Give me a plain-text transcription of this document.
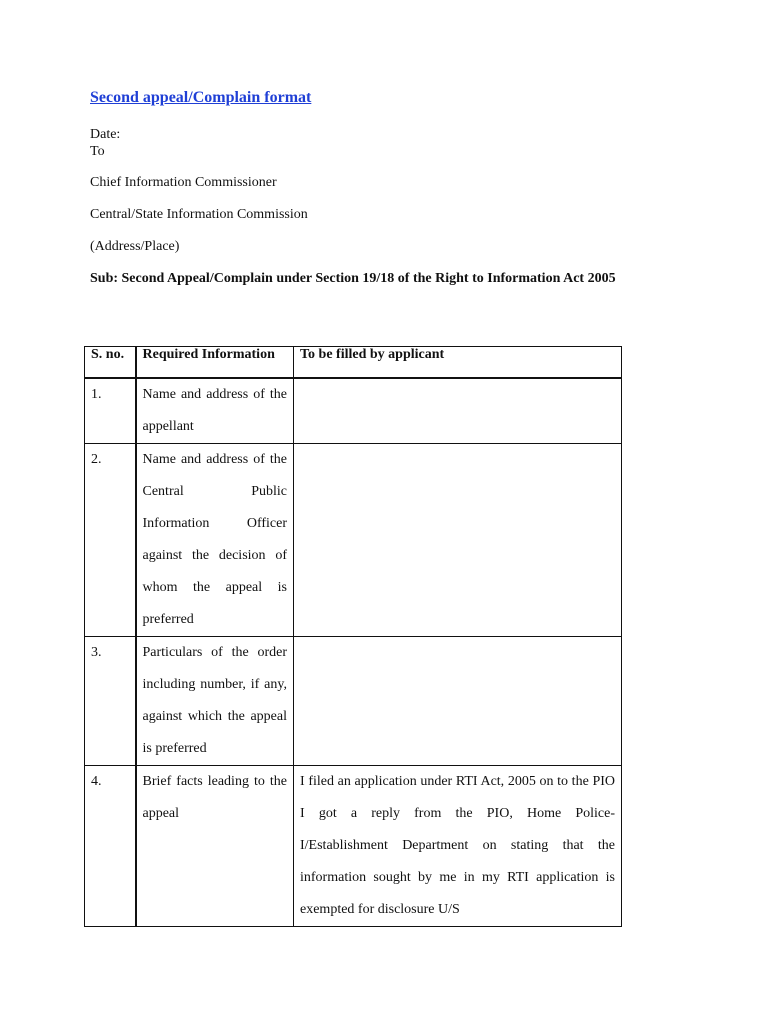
Second appeal/Complain format
Date:
To
Chief Information Commissioner
Central/State Information Commission
(Address/Place)
Sub: Second Appeal/Complain under Section 19/18 of the Right to Information Act 2005
S. no.	Required Information	To be filled by applicant
1.	Name and address of the appellant	
2.	Name and address of the Central Public Information Officer against the decision of whom the appeal is preferred	
3.	Particulars of the order including number, if any, against which the appeal is preferred	
4.	Brief facts leading to the appeal	I filed an application under RTI Act, 2005 on to the PIO I got a reply from the PIO, Home Police-I/Establishment Department on stating that the information sought by me in my RTI application is exempted for disclosure U/S
